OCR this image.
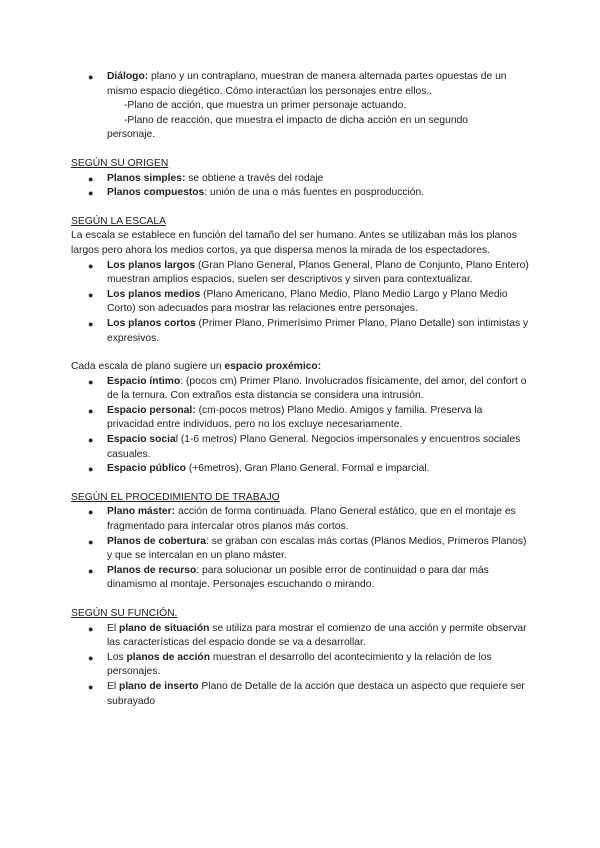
● Diálogo: plano y un contraplano, muestran de manera alternada partes opuestas de un mismo espacio diegético. Cómo interactúan los personajes entre ellos..

-Plano de acción, que muestra un primer personaje actuando.

-Plano de reacción, que muestra el impacto de dicha acción en un segundo

personaje.

SEGÚN SU ORIGEN

● Planos simples: se obtiene a través del rodaje
● Planos compuestos: unión de una o más fuentes en posproducción.

SEGÚN LA ESCALA

La escala se establece en función del tamaño del ser humano. Antes se utilizaban más los planos largos pero ahora los medios cortos, ya que dispersa menos la mirada de los espectadores.

● Los planos largos (Gran Plano General, Planos General, Plano de Conjunto, Plano Entero) muestran amplios espacios, suelen ser descriptivos y sirven para contextualizar.
● Los planos medios (Plano Americano, Plano Medio, Plano Medio Largo y Plano Medio Corto) son adecuados para mostrar las relaciones entre personajes.
● Los planos cortos (Primer Plano, Primerísimo Primer Plano, Plano Detalle) son intimistas y expresivos.

Cada escala de plano sugiere un espacio proxémico:

● Espacio íntimo: (pocos cm) Primer Plano. Involucrados físicamente, del amor, del confort o de la ternura. Con extraños esta distancia se considera una intrusión.
● Espacio personal: (cm-pocos metros) Plano Medio. Amigos y familia. Preserva la privacidad entre individuos, pero no los excluye necesariamente.
● Espacio social (1-6 metros) Plano General. Negocios impersonales y encuentros sociales casuales.
● Espacio público (+6metros), Gran Plano General. Formal e imparcial.

SEGÚN EL PROCEDIMIENTO DE TRABAJO

● Plano máster: acción de forma continuada. Plano General estático, que en el montaje es fragmentado para intercalar otros planos más cortos.
● Planos de cobertura: se graban con escalas más cortas (Planos Medios, Primeros Planos) y que se intercalan en un plano máster.
● Planos de recurso: para solucionar un posible error de continuidad o para dar más dinamismo al montaje. Personajes escuchando o mirando.

SEGÚN SU FUNCIÓN.

● El plano de situación se utiliza para mostrar el comienzo de una acción y permite observar las características del espacio donde se va a desarrollar.
● Los planos de acción muestran el desarrollo del acontecimiento y la relación de los personajes.
● El plano de inserto Plano de Detalle de la acción que destaca un aspecto que requiere ser subrayado
